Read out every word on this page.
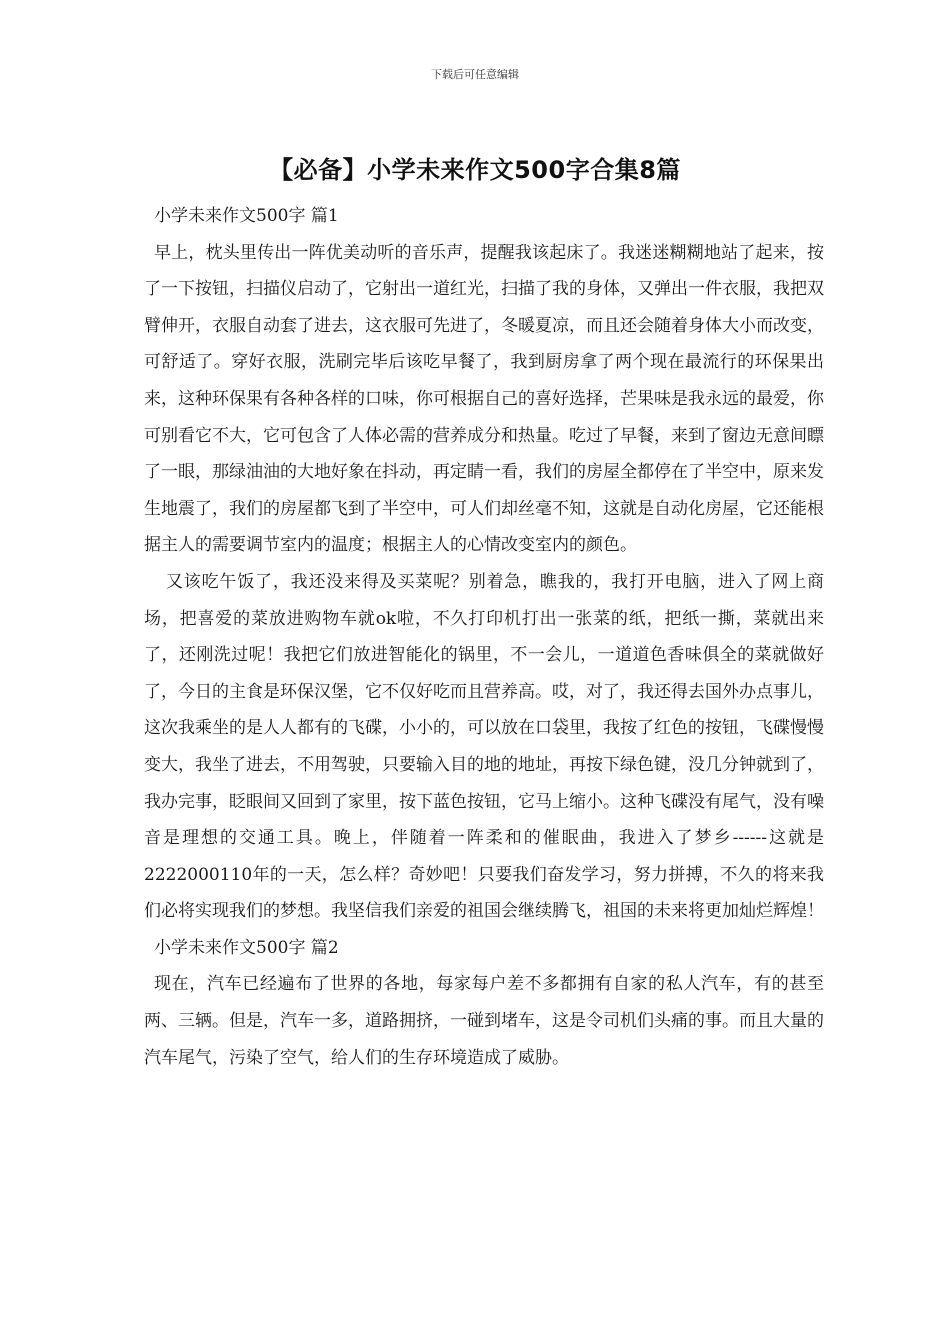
下载后可任意编辑
【必备】小学未来作文500字合集8篇

小学未来作文500字 篇1

早上，枕头里传出一阵优美动听的音乐声，提醒我该起床了。我迷迷糊糊地站了起来，按了一下按钮，扫描仪启动了，它射出一道红光，扫描了我的身体，又弹出一件衣服，我把双臂伸开，衣服自动套了进去，这衣服可先进了，冬暖夏凉，而且还会随着身体大小而改变，可舒适了。穿好衣服，洗刷完毕后该吃早餐了，我到厨房拿了两个现在最流行的环保果出来，这种环保果有各种各样的口味，你可根据自己的喜好选择，芒果味是我永远的最爱，你可别看它不大，它可包含了人体必需的营养成分和热量。吃过了早餐，来到了窗边无意间瞟了一眼，那绿油油的大地好象在抖动，再定睛一看，我们的房屋全都停在了半空中，原来发生地震了，我们的房屋都飞到了半空中，可人们却丝毫不知，这就是自动化房屋，它还能根据主人的需要调节室内的温度；根据主人的心情改变室内的颜色。

又该吃午饭了，我还没来得及买菜呢？别着急，瞧我的，我打开电脑，进入了网上商场，把喜爱的菜放进购物车就ok啦，不久打印机打出一张菜的纸，把纸一撕，菜就出来了，还刚洗过呢！我把它们放进智能化的锅里，不一会儿，一道道色香味俱全的菜就做好了，今日的主食是环保汉堡，它不仅好吃而且营养高。哎，对了，我还得去国外办点事儿，这次我乘坐的是人人都有的飞碟，小小的，可以放在口袋里，我按了红色的按钮，飞碟慢慢变大，我坐了进去，不用驾驶，只要输入目的地的地址，再按下绿色键，没几分钟就到了，我办完事，眨眼间又回到了家里，按下蓝色按钮，它马上缩小。这种飞碟没有尾气，没有噪音是理想的交通工具。晚上，伴随着一阵柔和的催眠曲，我进入了梦乡------这就是2222000110年的一天，怎么样？奇妙吧！只要我们奋发学习，努力拼搏，不久的将来我们必将实现我们的梦想。我坚信我们亲爱的祖国会继续腾飞，祖国的未来将更加灿烂辉煌！

小学未来作文500字 篇2

现在，汽车已经遍布了世界的各地，每家每户差不多都拥有自家的私人汽车，有的甚至两、三辆。但是，汽车一多，道路拥挤，一碰到堵车，这是令司机们头痛的事。而且大量的汽车尾气，污染了空气，给人们的生存环境造成了威胁。
